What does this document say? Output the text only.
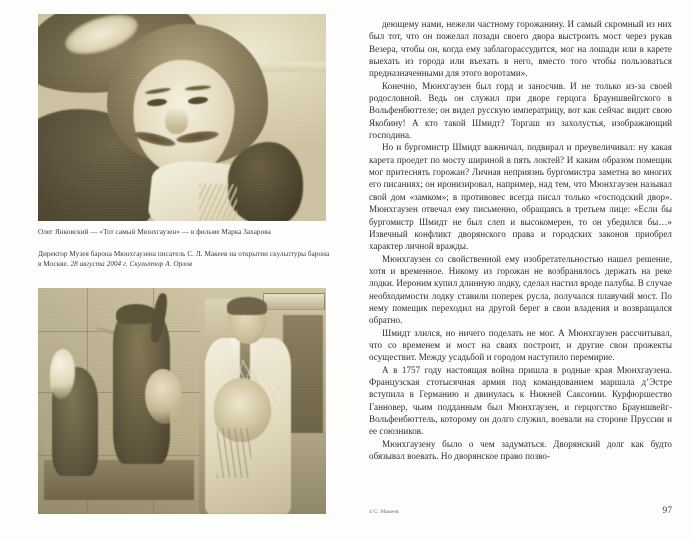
Олег Янковский — «Тот самый Мюнхгаузен» — в фильме Марка Захарова
Директор Музея барона Мюнхгаузена писатель С. Л. Макеев на открытии скульптуры барона в Москве. 28 августа 2004 г. Скульптор А. Орлов

деющему нами, нежели частному горожанину. И самый скромный из них был тот, что он пожелал позади своего двора выстроить мост через рукав Везера, чтобы он, когда ему заблагорассудится, мог на лошади или в карете выехать из города или въехать в него, вместо того чтобы пользоваться предназначенными для этого воротами».

Конечно, Мюнхгаузен был горд и заносчив. И не только из-за своей родословной. Ведь он служил при дворе герцога Брауншвейгского в Вольфенбюттеле; он видел русскую императрицу, вот как сейчас видит свою Якобину! А кто такой Шмидт? Торгаш из захолустья, изображающий господина.

Но и бургомистр Шмидт важничал, подвирал и преувеличивал: ну какая карета проедет по мосту шириной в пять локтей? И каким образом помещик мог притеснять горожан? Личная неприязнь бургомистра заметна во многих его писаниях; он иронизировал, например, над тем, что Мюнхгаузен называл свой дом «замком»; в противовес всегда писал только «господский двор». Мюнхгаузен отвечал ему письменно, обращаясь в третьем лице: «Если бы бургомистр Шмидт не был слеп и высокомерен, то он убедился бы…» Извечный конфликт дворянского права и городских законов приобрел характер личной вражды.

Мюнхгаузен со свойственной ему изобретательностью нашел решение, хотя и временное. Никому из горожан не возбранялось держать на реке лодки. Иероним купил длинную лодку, сделал настил вроде палубы. В случае необходимости лодку ставили поперек русла, получался плавучий мост. По нему помещик переходил на другой берег в свои владения и возвращался обратно.

Шмидт злился, но ничего поделать не мог. А Мюнхгаузен рассчитывал, что со временем и мост на сваях построит, и другие свои прожекты осуществит. Между усадьбой и городом наступило перемирие.

А в 1757 году настоящая война пришла в родные края Мюнхгаузена. Французская стотысячная армия под командованием маршала д’Эстре вступила в Германию и двинулась к Нижней Саксонии. Курфюршество Ганновер, чьим подданным был Мюнхгаузен, и герцогство Брауншвейг-Вольфенбюттель, которому он долго служил, воевали на стороне Пруссии и ее союзников.

Мюнхгаузену было о чем задуматься. Дворянский долг как будто обязывал воевать. Но дворянское право позво-

4 С. Макеев	97
